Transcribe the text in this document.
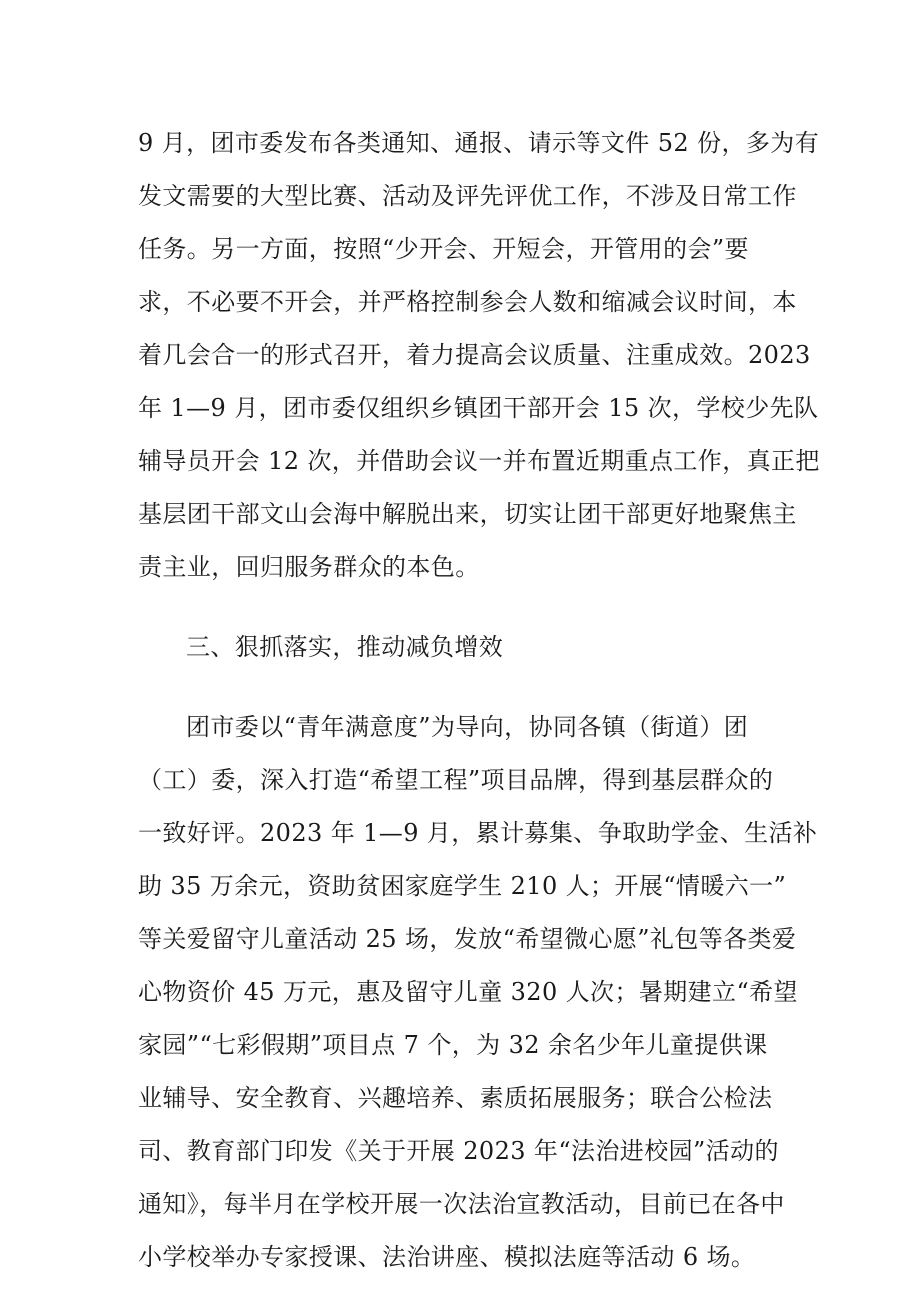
9 月，团市委发布各类通知、通报、请示等文件 52 份，多为有
发文需要的大型比赛、活动及评先评优工作，不涉及日常工作
任务。另一方面，按照“少开会、开短会，开管用的会”要
求，不必要不开会，并严格控制参会人数和缩减会议时间，本
着几会合一的形式召开，着力提高会议质量、注重成效。2023
年 1—9 月，团市委仅组织乡镇团干部开会 15 次，学校少先队
辅导员开会 12 次，并借助会议一并布置近期重点工作，真正把
基层团干部文山会海中解脱出来，切实让团干部更好地聚焦主
责主业，回归服务群众的本色。
三、狠抓落实，推动减负增效
团市委以“青年满意度”为导向，协同各镇（街道）团
（工）委，深入打造“希望工程”项目品牌，得到基层群众的
一致好评。2023 年 1—9 月，累计募集、争取助学金、生活补
助 35 万余元，资助贫困家庭学生 210 人；开展“情暖六一”
等关爱留守儿童活动 25 场，发放“希望微心愿”礼包等各类爱
心物资价 45 万元，惠及留守儿童 320 人次；暑期建立“希望
家园”“七彩假期”项目点 7 个，为 32 余名少年儿童提供课
业辅导、安全教育、兴趣培养、素质拓展服务；联合公检法
司、教育部门印发《关于开展 2023 年“法治进校园”活动的
通知》，每半月在学校开展一次法治宣教活动，目前已在各中
小学校举办专家授课、法治讲座、模拟法庭等活动 6 场。
